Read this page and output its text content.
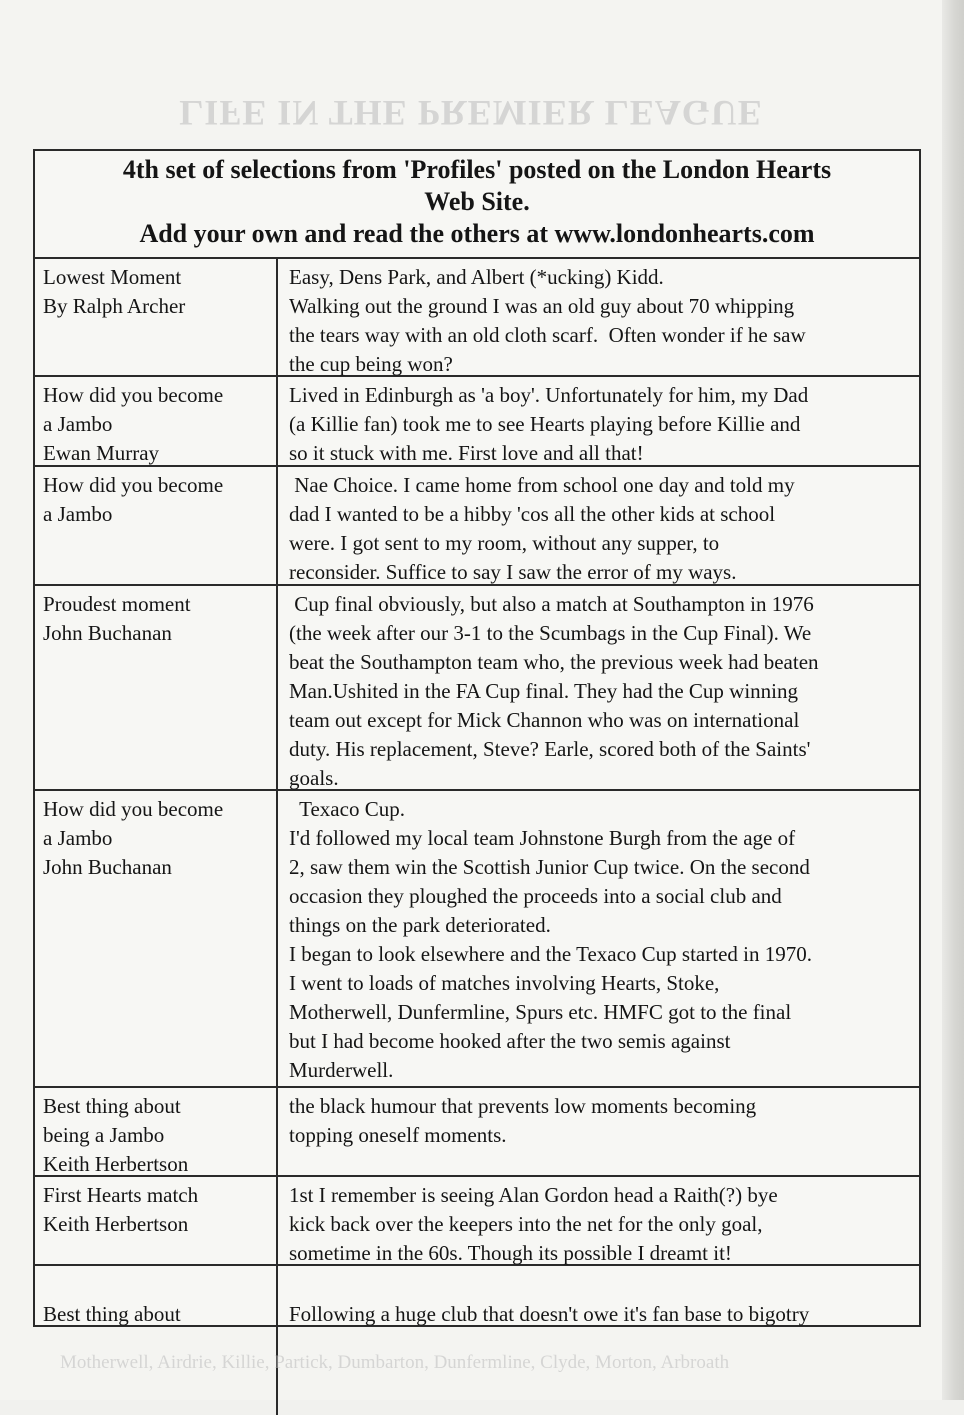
LIFE IN THE PREMIER LEAGUE
4th set of selections from 'Profiles' posted on the London Hearts
Web Site.
Add your own and read the others at www.londonhearts.com
Lowest Moment
By Ralph Archer
Easy, Dens Park, and Albert (*ucking) Kidd.
Walking out the ground I was an old guy about 70 whipping
the tears way with an old cloth scarf.  Often wonder if he saw
the cup being won?
How did you become
a Jambo
Ewan Murray
Lived in Edinburgh as 'a boy'. Unfortunately for him, my Dad
(a Killie fan) took me to see Hearts playing before Killie and
so it stuck with me. First love and all that!
How did you become
a Jambo
Nae Choice. I came home from school one day and told my
dad I wanted to be a hibby 'cos all the other kids at school
were. I got sent to my room, without any supper, to
reconsider. Suffice to say I saw the error of my ways.
Proudest moment
John Buchanan
Cup final obviously, but also a match at Southampton in 1976
(the week after our 3-1 to the Scumbags in the Cup Final). We
beat the Southampton team who, the previous week had beaten
Man.Ushited in the FA Cup final. They had the Cup winning
team out except for Mick Channon who was on international
duty. His replacement, Steve? Earle, scored both of the Saints'
goals.
How did you become
a Jambo
John Buchanan
Texaco Cup.
I'd followed my local team Johnstone Burgh from the age of
2, saw them win the Scottish Junior Cup twice. On the second
occasion they ploughed the proceeds into a social club and
things on the park deteriorated.
I began to look elsewhere and the Texaco Cup started in 1970.
I went to loads of matches involving Hearts, Stoke,
Motherwell, Dunfermline, Spurs etc. HMFC got to the final
but I had become hooked after the two semis against
Murderwell.
Best thing about
being a Jambo
Keith Herbertson
the black humour that prevents low moments becoming
topping oneself moments.
First Hearts match
Keith Herbertson
1st I remember is seeing Alan Gordon head a Raith(?) bye
kick back over the keepers into the net for the only goal,
sometime in the 60s. Though its possible I dreamt it!
Best thing about	Following a huge club that doesn't owe it's fan base to bigotry
Motherwell, Airdrie, Killie, Partick, Dumbarton, Dunfermline, Clyde, Morton, Arbroath
